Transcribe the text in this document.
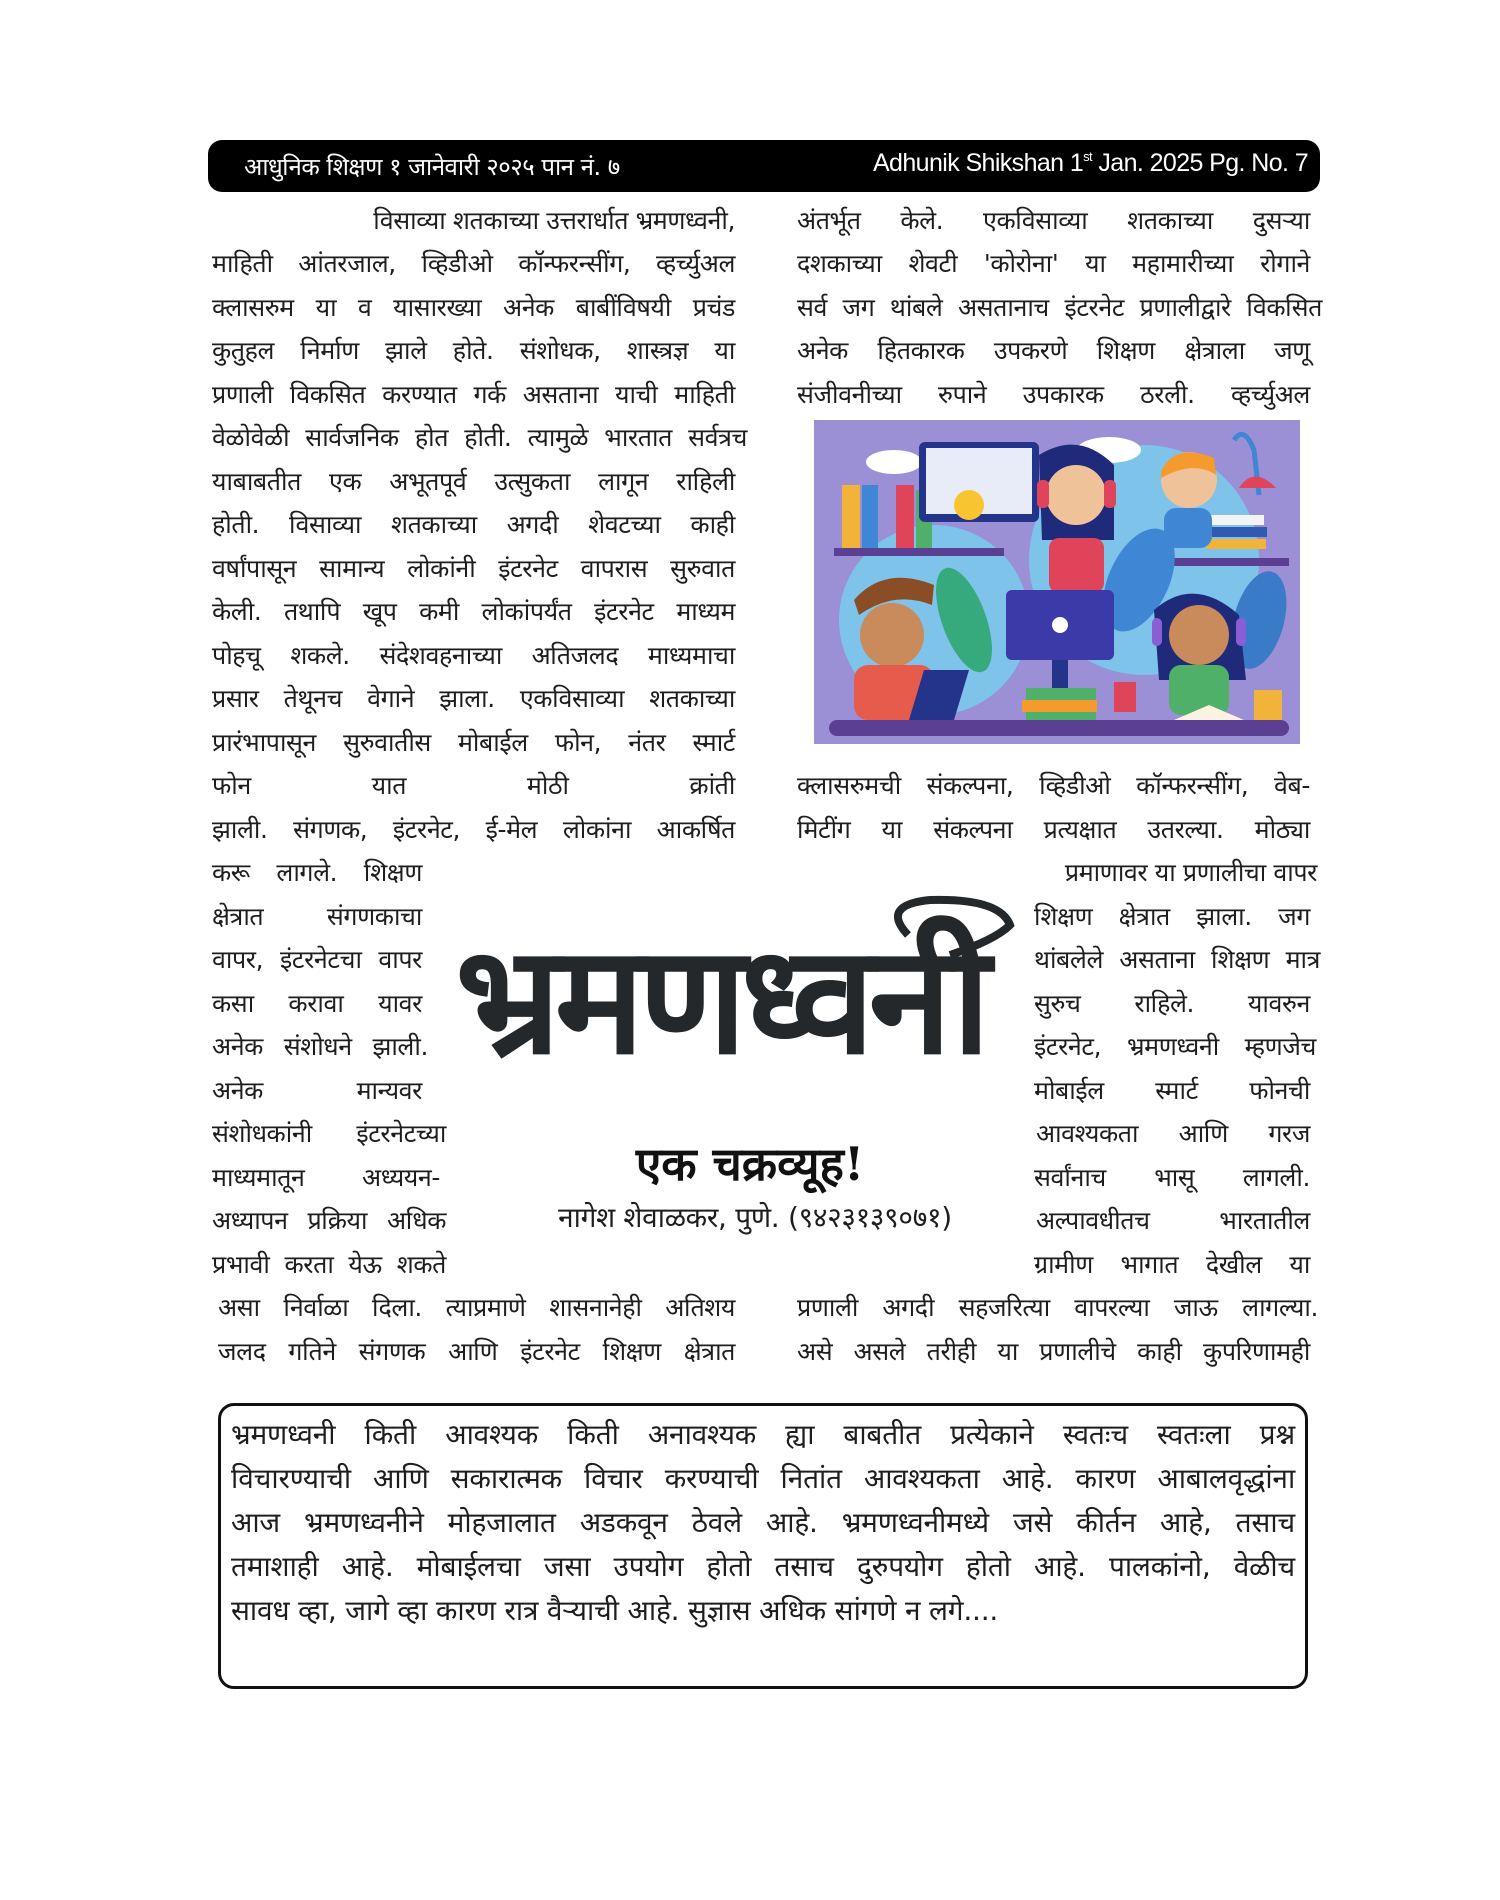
आधुनिक शिक्षण १ जानेवारी २०२५ पान नं. ७	Adhunik Shikshan 1st Jan. 2025 Pg. No. 7
विसाव्या शतकाच्या उत्तरार्धात भ्रमणध्वनी,
माहिती आंतरजाल, व्हिडीओ कॉन्फरन्सींग, व्हर्च्युअल
क्लासरुम या व यासारख्या अनेक बाबींविषयी प्रचंड
कुतुहल निर्माण झाले होते. संशोधक, शास्त्रज्ञ या
प्रणाली विकसित करण्यात गर्क असताना याची माहिती
वेळोवेळी सार्वजनिक होत होती. त्यामुळे भारतात सर्वत्रच
याबाबतीत एक अभूतपूर्व उत्सुकता लागून राहिली
होती. विसाव्या शतकाच्या अगदी शेवटच्या काही
वर्षांपासून सामान्य लोकांनी इंटरनेट वापरास सुरुवात
केली. तथापि खूप कमी लोकांपर्यंत इंटरनेट माध्यम
पोहचू शकले. संदेशवहनाच्या अतिजलद माध्यमाचा
प्रसार तेथूनच वेगाने झाला. एकविसाव्या शतकाच्या
प्रारंभापासून सुरुवातीस मोबाईल फोन, नंतर स्मार्ट
फोन यात मोठी क्रांती
झाली. संगणक, इंटरनेट, ई-मेल लोकांना आकर्षित
करू लागले. शिक्षण
क्षेत्रात संगणकाचा
वापर, इंटरनेटचा वापर
कसा करावा यावर
अनेक संशोधने झाली.
अनेक मान्यवर
संशोधकांनी इंटरनेटच्या
माध्यमातून अध्ययन-
अध्यापन प्रक्रिया अधिक
प्रभावी करता येऊ शकते
असा निर्वाळा दिला. त्याप्रमाणे शासनानेही अतिशय
जलद गतिने संगणक आणि इंटरनेट शिक्षण क्षेत्रात
अंतर्भूत केले. एकविसाव्या शतकाच्या दुसऱ्या
दशकाच्या शेवटी 'कोरोना' या महामारीच्या रोगाने
सर्व जग थांबले असतानाच इंटरनेट प्रणालीद्वारे विकसित
अनेक हितकारक उपकरणे शिक्षण क्षेत्राला जणू
संजीवनीच्या रुपाने उपकारक ठरली. व्हर्च्युअल
क्लासरुमची संकल्पना, व्हिडीओ कॉन्फरन्सींग, वेब-
मिटींग या संकल्पना प्रत्यक्षात उतरल्या. मोठ्या
प्रमाणावर या प्रणालीचा वापर
शिक्षण क्षेत्रात झाला. जग
थांबलेले असताना शिक्षण मात्र
सुरुच राहिले. यावरुन
इंटरनेट, भ्रमणध्वनी म्हणजेच
मोबाईल स्मार्ट फोनची
आवश्यकता आणि गरज
सर्वांनाच भासू लागली.
अल्पावधीतच भारतातील
ग्रामीण भागात देखील या
प्रणाली अगदी सहजरित्या वापरल्या जाऊ लागल्या.
असे असले तरीही या प्रणालीचे काही कुपरिणामही
भ्रमणध्वनी
एक चक्रव्यूह!
नागेश शेवाळकर, पुणे. (९४२३१३९०७१)
भ्रमणध्वनी किती आवश्यक किती अनावश्यक ह्या बाबतीत प्रत्येकाने स्वतःच स्वतःला प्रश्न
विचारण्याची आणि सकारात्मक विचार करण्याची नितांत आवश्यकता आहे. कारण आबालवृद्धांना
आज भ्रमणध्वनीने मोहजालात अडकवून ठेवले आहे. भ्रमणध्वनीमध्ये जसे कीर्तन आहे, तसाच
तमाशाही आहे. मोबाईलचा जसा उपयोग होतो तसाच दुरुपयोग होतो आहे. पालकांनो, वेळीच
सावध व्हा, जागे व्हा कारण रात्र वैऱ्याची आहे. सुज्ञास अधिक सांगणे न लगे....
